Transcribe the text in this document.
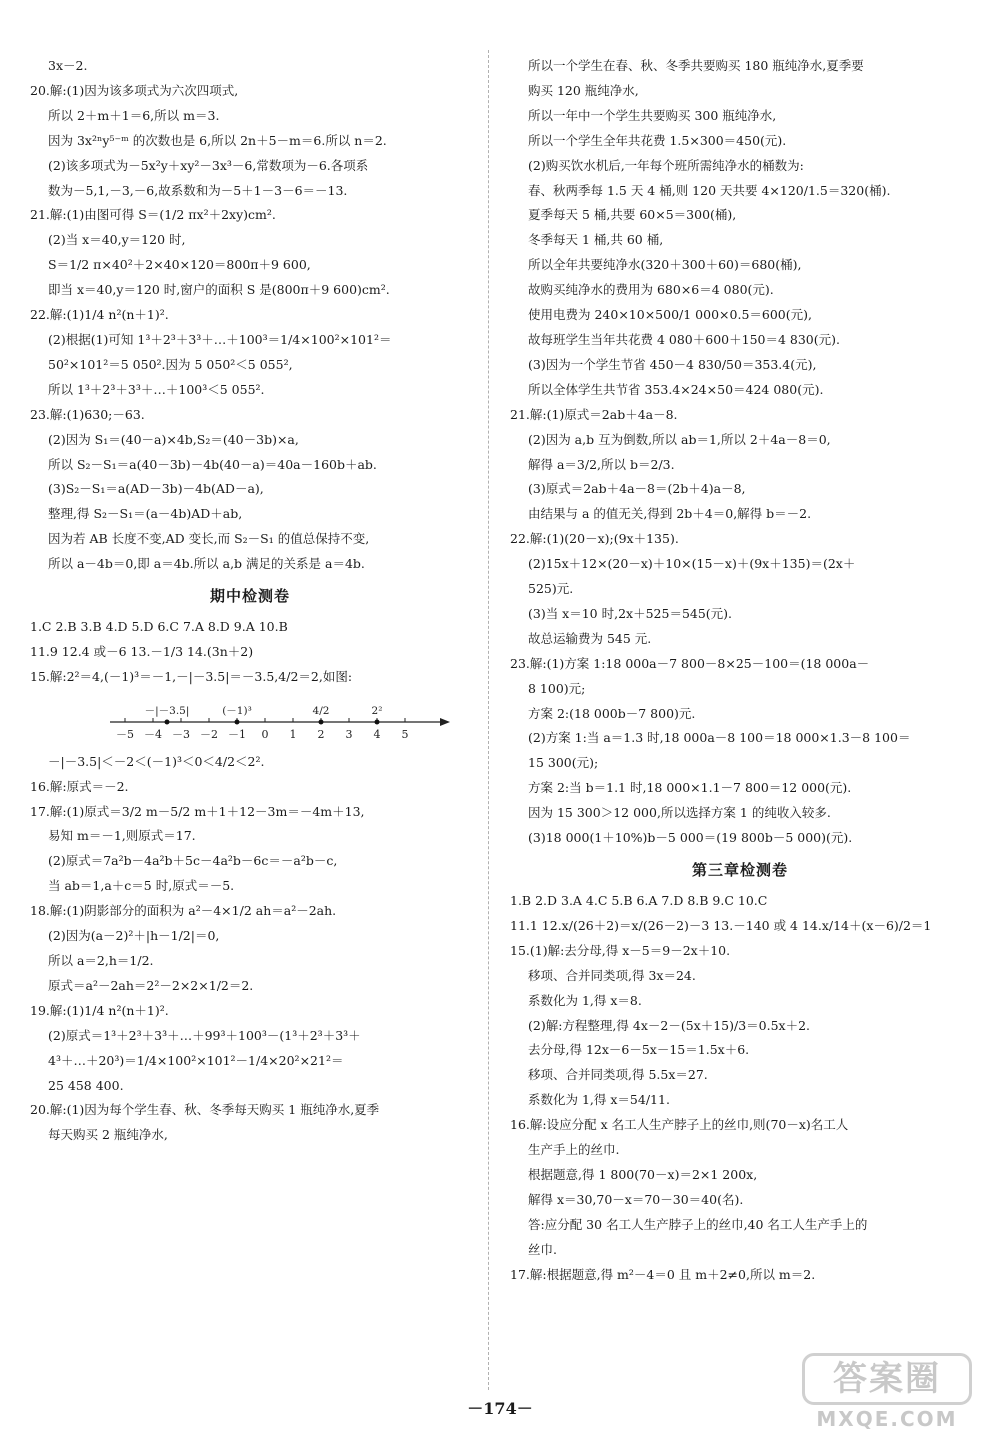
3x－2.
20.解:(1)因为该多项式为六次四项式,
所以 2＋m＋1＝6,所以 m＝3.
因为 3x²ⁿy⁵⁻ᵐ 的次数也是 6,所以 2n＋5－m＝6.所以 n＝2.
(2)该多项式为－5x²y＋xy²－3x³－6,常数项为－6.各项系
数为－5,1,－3,－6,故系数和为－5＋1－3－6＝－13.
21.解:(1)由图可得 S＝(1/2 πx²＋2xy)cm².
(2)当 x＝40,y＝120 时,
S＝1/2 π×40²＋2×40×120＝800π＋9 600,
即当 x＝40,y＝120 时,窗户的面积 S 是(800π＋9 600)cm².
22.解:(1)1/4 n²(n＋1)².
(2)根据(1)可知 1³＋2³＋3³＋…＋100³＝1/4×100²×101²＝
50²×101²＝5 050².因为 5 050²＜5 055²,
所以 1³＋2³＋3³＋…＋100³＜5 055².
23.解:(1)630;－63.
(2)因为 S₁＝(40－a)×4b,S₂＝(40－3b)×a,
所以 S₂－S₁＝a(40－3b)－4b(40－a)＝40a－160b＋ab.
(3)S₂－S₁＝a(AD－3b)－4b(AD－a),
整理,得 S₂－S₁＝(a－4b)AD＋ab,
因为若 AB 长度不变,AD 变长,而 S₂－S₁ 的值总保持不变,
所以 a－4b＝0,即 a＝4b.所以 a,b 满足的关系是 a＝4b.
期中检测卷
1.C 2.B 3.B 4.D 5.D 6.C 7.A 8.D 9.A 10.B
11.9 12.4 或－6 13.－1/3 14.(3n＋2)
15.解:2²＝4,(－1)³＝－1,－|－3.5|＝－3.5,4/2＝2,如图:
－5 －4 －3 －2 －1 0 1 2 3 4 5
－|－3.5|	(－1)³	4/2	2²
－|－3.5|＜－2＜(－1)³＜0＜4/2＜2².
16.解:原式＝－2.
17.解:(1)原式＝3/2 m－5/2 m＋1＋12－3m＝－4m＋13,
易知 m＝－1,则原式＝17.
(2)原式＝7a²b－4a²b＋5c－4a²b－6c＝－a²b－c,
当 ab＝1,a＋c＝5 时,原式＝－5.
18.解:(1)阴影部分的面积为 a²－4×1/2 ah＝a²－2ah.
(2)因为(a－2)²＋|h－1/2|＝0,
所以 a＝2,h＝1/2.
原式＝a²－2ah＝2²－2×2×1/2＝2.
19.解:(1)1/4 n²(n＋1)².
(2)原式＝1³＋2³＋3³＋…＋99³＋100³－(1³＋2³＋3³＋
4³＋…＋20³)＝1/4×100²×101²－1/4×20²×21²＝
25 458 400.
20.解:(1)因为每个学生春、秋、冬季每天购买 1 瓶纯净水,夏季
每天购买 2 瓶纯净水,
所以一个学生在春、秋、冬季共要购买 180 瓶纯净水,夏季要
购买 120 瓶纯净水,
所以一年中一个学生共要购买 300 瓶纯净水,
所以一个学生全年共花费 1.5×300＝450(元).
(2)购买饮水机后,一年每个班所需纯净水的桶数为:
春、秋两季每 1.5 天 4 桶,则 120 天共要 4×120/1.5＝320(桶).
夏季每天 5 桶,共要 60×5＝300(桶),
冬季每天 1 桶,共 60 桶,
所以全年共要纯净水(320＋300＋60)＝680(桶),
故购买纯净水的费用为 680×6＝4 080(元).
使用电费为 240×10×500/1 000×0.5＝600(元),
故每班学生当年共花费 4 080＋600＋150＝4 830(元).
(3)因为一个学生节省 450－4 830/50＝353.4(元),
所以全体学生共节省 353.4×24×50＝424 080(元).
21.解:(1)原式＝2ab＋4a－8.
(2)因为 a,b 互为倒数,所以 ab＝1,所以 2＋4a－8＝0,
解得 a＝3/2,所以 b＝2/3.
(3)原式＝2ab＋4a－8＝(2b＋4)a－8,
由结果与 a 的值无关,得到 2b＋4＝0,解得 b＝－2.
22.解:(1)(20－x);(9x＋135).
(2)15x＋12×(20－x)＋10×(15－x)＋(9x＋135)＝(2x＋
525)元.
(3)当 x＝10 时,2x＋525＝545(元).
故总运输费为 545 元.
23.解:(1)方案 1:18 000a－7 800－8×25－100＝(18 000a－
8 100)元;
方案 2:(18 000b－7 800)元.
(2)方案 1:当 a＝1.3 时,18 000a－8 100＝18 000×1.3－8 100＝
15 300(元);
方案 2:当 b＝1.1 时,18 000×1.1－7 800＝12 000(元).
因为 15 300＞12 000,所以选择方案 1 的纯收入较多.
(3)18 000(1＋10%)b－5 000＝(19 800b－5 000)(元).
第三章检测卷
1.B 2.D 3.A 4.C 5.B 6.A 7.D 8.B 9.C 10.C
11.1 12.x/(26＋2)＝x/(26－2)－3 13.－140 或 4 14.x/14＋(x－6)/2＝1
15.(1)解:去分母,得 x－5＝9－2x＋10.
移项、合并同类项,得 3x＝24.
系数化为 1,得 x＝8.
(2)解:方程整理,得 4x－2－(5x＋15)/3＝0.5x＋2.
去分母,得 12x－6－5x－15＝1.5x＋6.
移项、合并同类项,得 5.5x＝27.
系数化为 1,得 x＝54/11.
16.解:设应分配 x 名工人生产脖子上的丝巾,则(70－x)名工人
生产手上的丝巾.
根据题意,得 1 800(70－x)＝2×1 200x,
解得 x＝30,70－x＝70－30＝40(名).
答:应分配 30 名工人生产脖子上的丝巾,40 名工人生产手上的
丝巾.
17.解:根据题意,得 m²－4＝0 且 m＋2≠0,所以 m＝2.
－174－
答案圈
MXQE.COM
